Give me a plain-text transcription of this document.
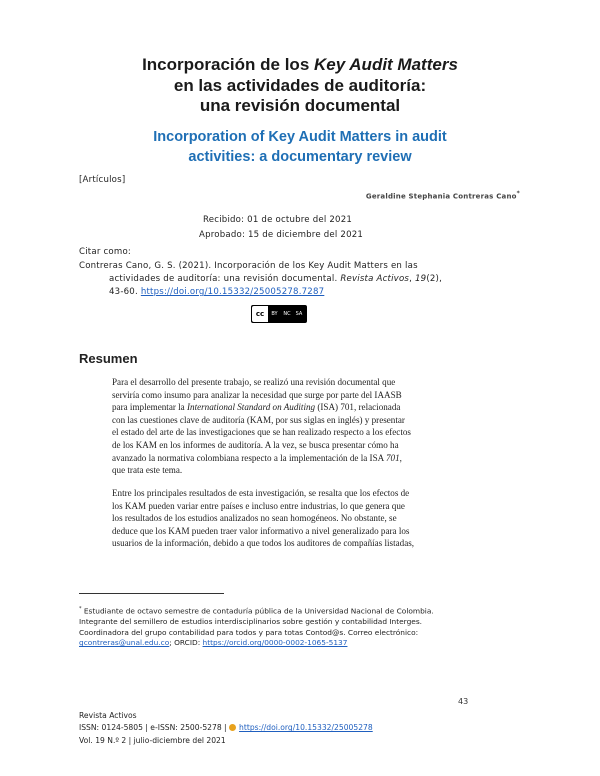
Incorporación de los Key Audit Matters
en las actividades de auditoría:
una revisión documental
Incorporation of Key Audit Matters in audit
activities: a documentary review
[Artículos]
Geraldine Stephania Contreras Cano*
Recibido: 01 de octubre del 2021
Aprobado: 15 de diciembre del 2021
Citar como:
Contreras Cano, G. S. (2021). Incorporación de los Key Audit Matters en las
actividades de auditoría: una revisión documental. Revista Activos, 19(2),
43-60. https://doi.org/10.15332/25005278.7287
cc	BY	NC	SA
Resumen
Para el desarrollo del presente trabajo, se realizó una revisión documental que
serviría como insumo para analizar la necesidad que surge por parte del IAASB
para implementar la International Standard on Auditing (ISA) 701, relacionada
con las cuestiones clave de auditoría (KAM, por sus siglas en inglés) y presentar
el estado del arte de las investigaciones que se han realizado respecto a los efectos
de los KAM en los informes de auditoría. A la vez, se busca presentar cómo ha
avanzado la normativa colombiana respecto a la implementación de la ISA 701,
que trata este tema.
Entre los principales resultados de esta investigación, se resalta que los efectos de
los KAM pueden variar entre países e incluso entre industrias, lo que genera que
los resultados de los estudios analizados no sean homogéneos. No obstante, se
deduce que los KAM pueden traer valor informativo a nivel generalizado para los
usuarios de la información, debido a que todos los auditores de compañías listadas,
* Estudiante de octavo semestre de contaduría pública de la Universidad Nacional de Colombia.
Integrante del semillero de estudios interdisciplinarios sobre gestión y contabilidad Interges.
Coordinadora del grupo contabilidad para todos y para totas Contod@s. Correo electrónico:
gcontreras@unal.edu.co; ORCID: https://orcid.org/0000-0002-1065-5137
43
Revista Activos
ISSN: 0124-5805 | e-ISSN: 2500-5278 | https://doi.org/10.15332/25005278
Vol. 19 N.º 2 | julio-diciembre del 2021
